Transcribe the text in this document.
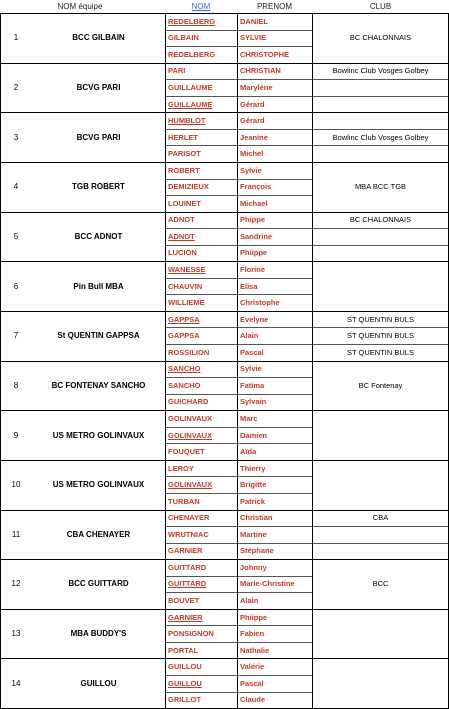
NOM équipe	NOM	PRENOM	CLUB
1	BCC GILBAIN	BC CHALONNAIS
REDELBERG	DANIEL
GILBAIN	SYLVIE
REDELBERG	CHRISTOPHE
2	BCVG PARI
PARI	CHRISTIAN	Bowlinc Club Vosges Golbey
GUILLAUME	Marylène
GUILLAUME	Gérard
3	BCVG PARI
HUMBLOT	Gérard
HERLET	Jeanine	Bowlinc Club Vosges Golbey
PARISOT	Michel
4	TGB ROBERT	MBA BCC TGB
ROBERT	Sylvie
DEMIZIEUX	François
LOUINET	Michael
5	BCC ADNOT
ADNOT	Phippe	BC CHALONNAIS
ADNOT	Sandrine
LUCION	Phiippe
6	Pin Bull MBA
WANESSE	Florine
CHAUVIN	Elisa
WILLIEME	Christophe
7	St QUENTIN GAPPSA
GAPPSA	Evelyne	ST QUENTIN BULS
GAPPSA	Alain	ST QUENTIN BULS
ROSSILION	Pascal	ST QUENTIN BULS
8	BC FONTENAY SANCHO	BC Fontenay
SANCHO	Sylvie
SANCHO	Fatima
GUICHARD	Sylvain
9	US METRO GOLINVAUX
GOLINVAUX	Marc
GOLINVAUX	Damien
FOUQUET	Aïda
10	US METRO GOLINVAUX
LEROY	Thierry
GOLINVAUX	Brigitte
TURBAN	Patrick
11	CBA CHENAYER
CHENAYER	Christian	CBA
WRUTNIAC	Martine
GARNIER	Stéphane
12	BCC GUITTARD	BCC
GUITTARD	Johnny
GUITTARD	Marie-Christine
BOUVET	Alain
13	MBA BUDDY'S
GARNIER	Phiippe
PONSIGNON	Fabien
PORTAL	Nathalie
14	GUILLOU
GUILLOU	Valérie
GUILLOU	Pascal
GRILLOT	Claude
